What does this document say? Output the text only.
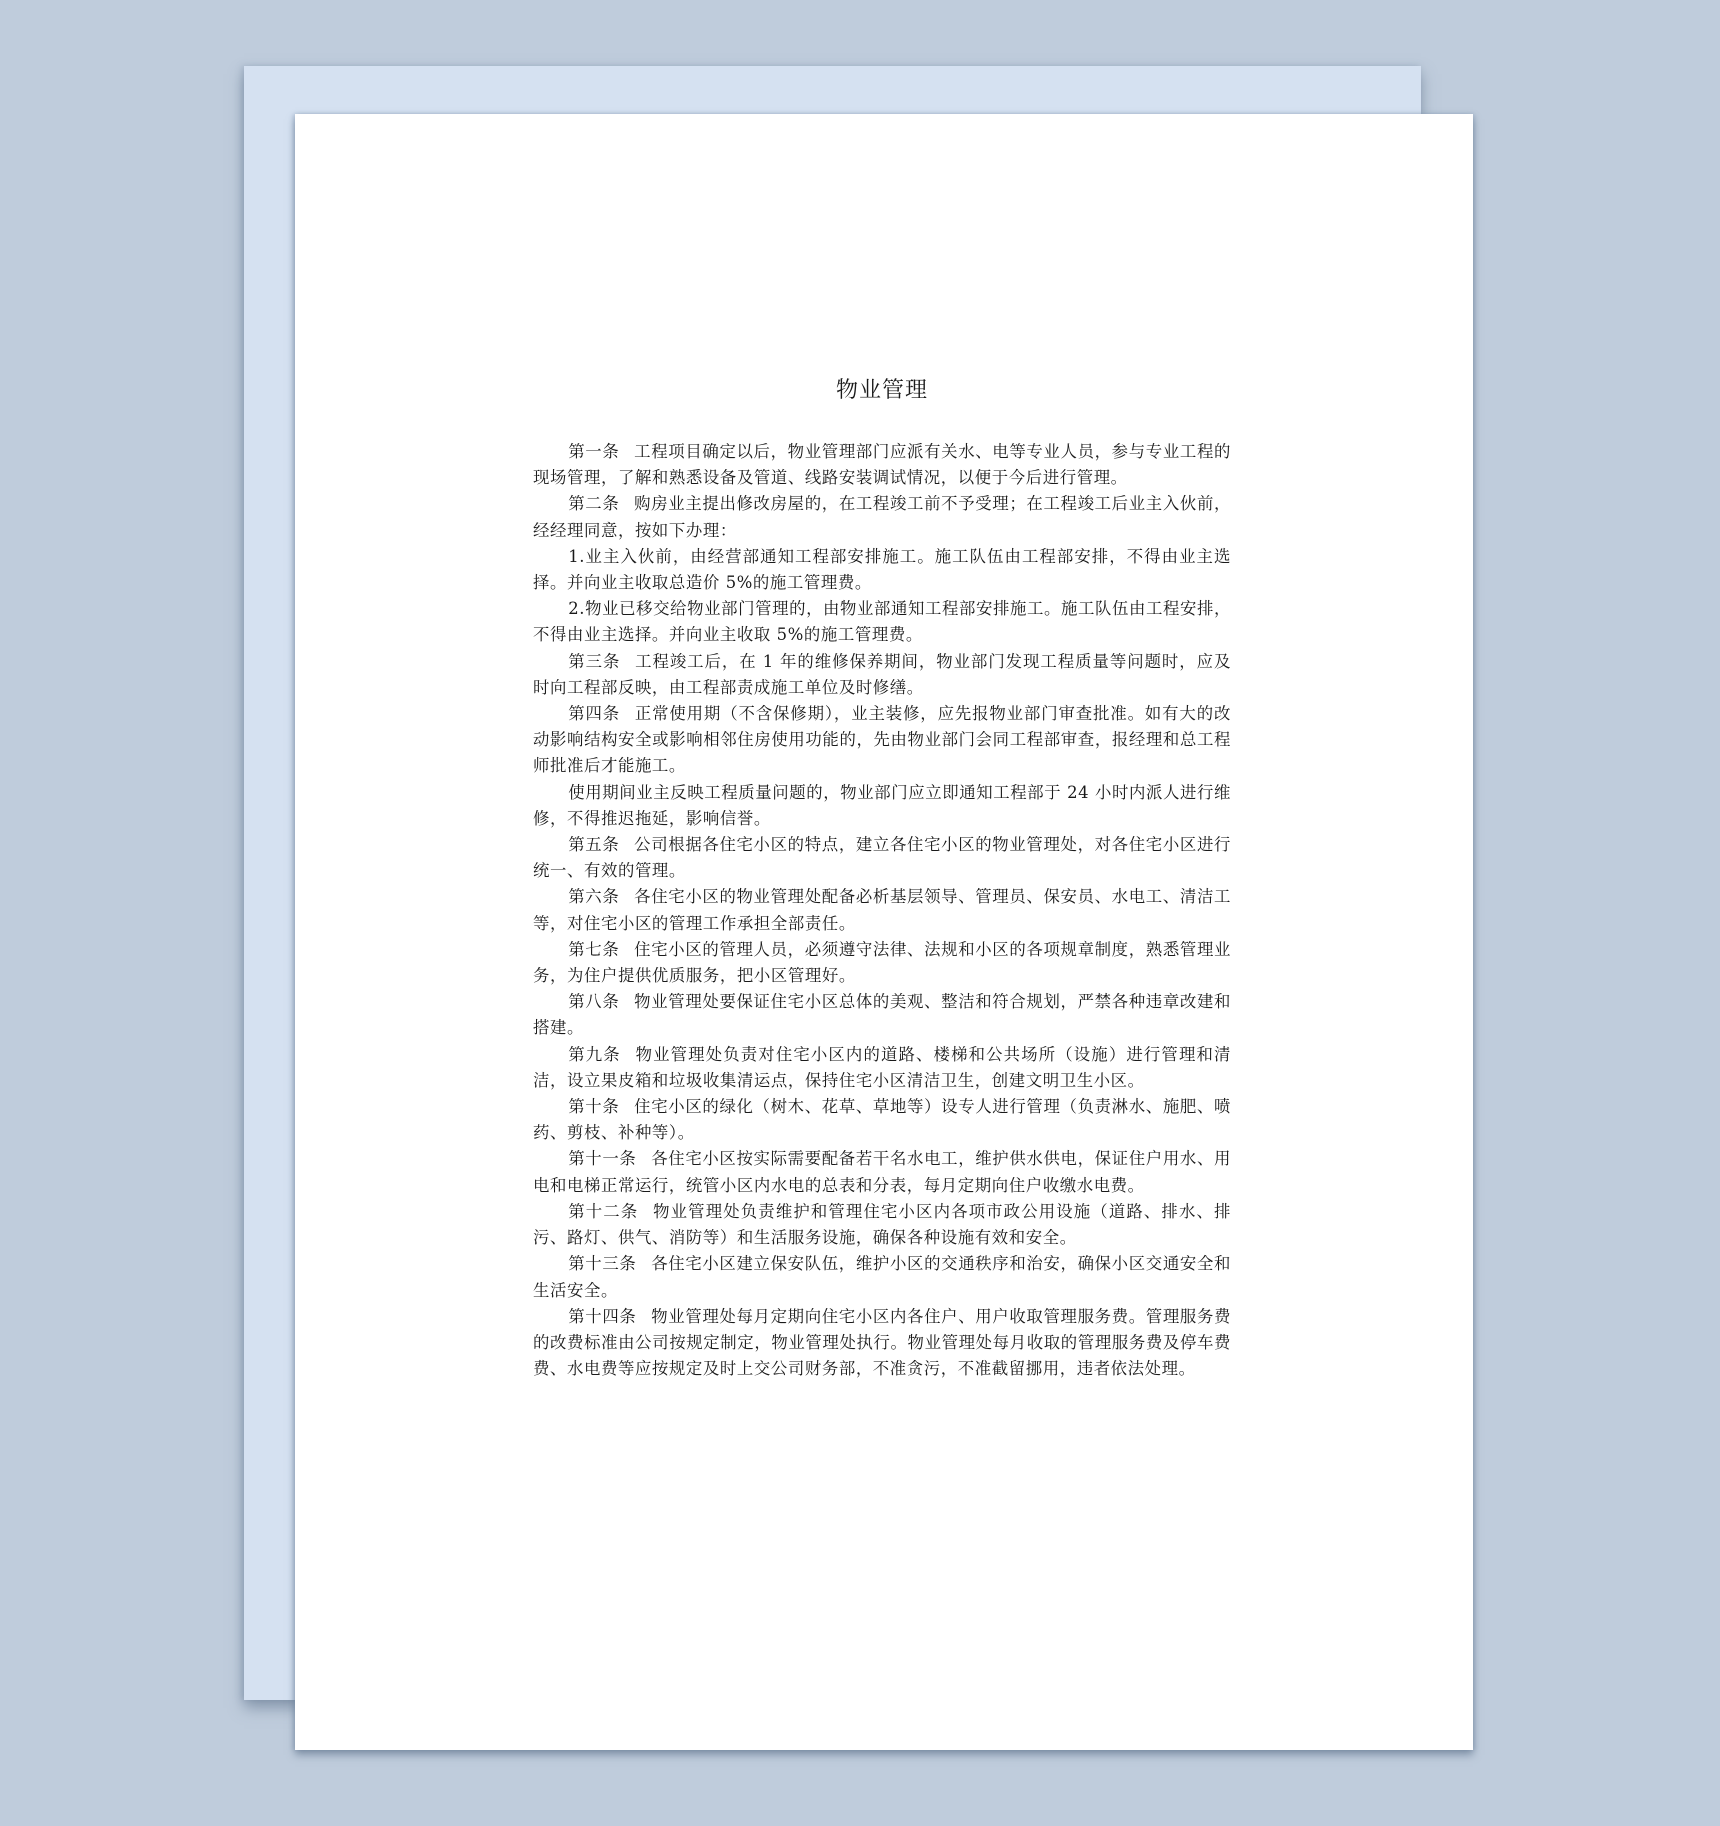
物业管理

第一条 工程项目确定以后，物业管理部门应派有关水、电等专业人员，参与专业工程的现场管理，了解和熟悉设备及管道、线路安装调试情况，以便于今后进行管理。

第二条 购房业主提出修改房屋的，在工程竣工前不予受理；在工程竣工后业主入伙前，经经理同意，按如下办理：

1.业主入伙前，由经营部通知工程部安排施工。施工队伍由工程部安排，不得由业主选择。并向业主收取总造价 5%的施工管理费。

2.物业已移交给物业部门管理的，由物业部通知工程部安排施工。施工队伍由工程安排，不得由业主选择。并向业主收取 5%的施工管理费。

第三条 工程竣工后，在 1 年的维修保养期间，物业部门发现工程质量等问题时，应及时向工程部反映，由工程部责成施工单位及时修缮。

第四条 正常使用期（不含保修期），业主装修，应先报物业部门审查批准。如有大的改动影响结构安全或影响相邻住房使用功能的，先由物业部门会同工程部审查，报经理和总工程师批准后才能施工。

使用期间业主反映工程质量问题的，物业部门应立即通知工程部于 24 小时内派人进行维修，不得推迟拖延，影响信誉。

第五条 公司根据各住宅小区的特点，建立各住宅小区的物业管理处，对各住宅小区进行统一、有效的管理。

第六条 各住宅小区的物业管理处配备必析基层领导、管理员、保安员、水电工、清洁工等，对住宅小区的管理工作承担全部责任。

第七条 住宅小区的管理人员，必须遵守法律、法规和小区的各项规章制度，熟悉管理业务，为住户提供优质服务，把小区管理好。

第八条 物业管理处要保证住宅小区总体的美观、整洁和符合规划，严禁各种违章改建和搭建。

第九条 物业管理处负责对住宅小区内的道路、楼梯和公共场所（设施）进行管理和清洁，设立果皮箱和垃圾收集清运点，保持住宅小区清洁卫生，创建文明卫生小区。

第十条 住宅小区的绿化（树木、花草、草地等）设专人进行管理（负责淋水、施肥、喷药、剪枝、补种等）。

第十一条 各住宅小区按实际需要配备若干名水电工，维护供水供电，保证住户用水、用电和电梯正常运行，统管小区内水电的总表和分表，每月定期向住户收缴水电费。

第十二条 物业管理处负责维护和管理住宅小区内各项市政公用设施（道路、排水、排污、路灯、供气、消防等）和生活服务设施，确保各种设施有效和安全。

第十三条 各住宅小区建立保安队伍，维护小区的交通秩序和治安，确保小区交通安全和生活安全。

第十四条 物业管理处每月定期向住宅小区内各住户、用户收取管理服务费。管理服务费的改费标准由公司按规定制定，物业管理处执行。物业管理处每月收取的管理服务费及停车费费、水电费等应按规定及时上交公司财务部，不准贪污，不准截留挪用，违者依法处理。
